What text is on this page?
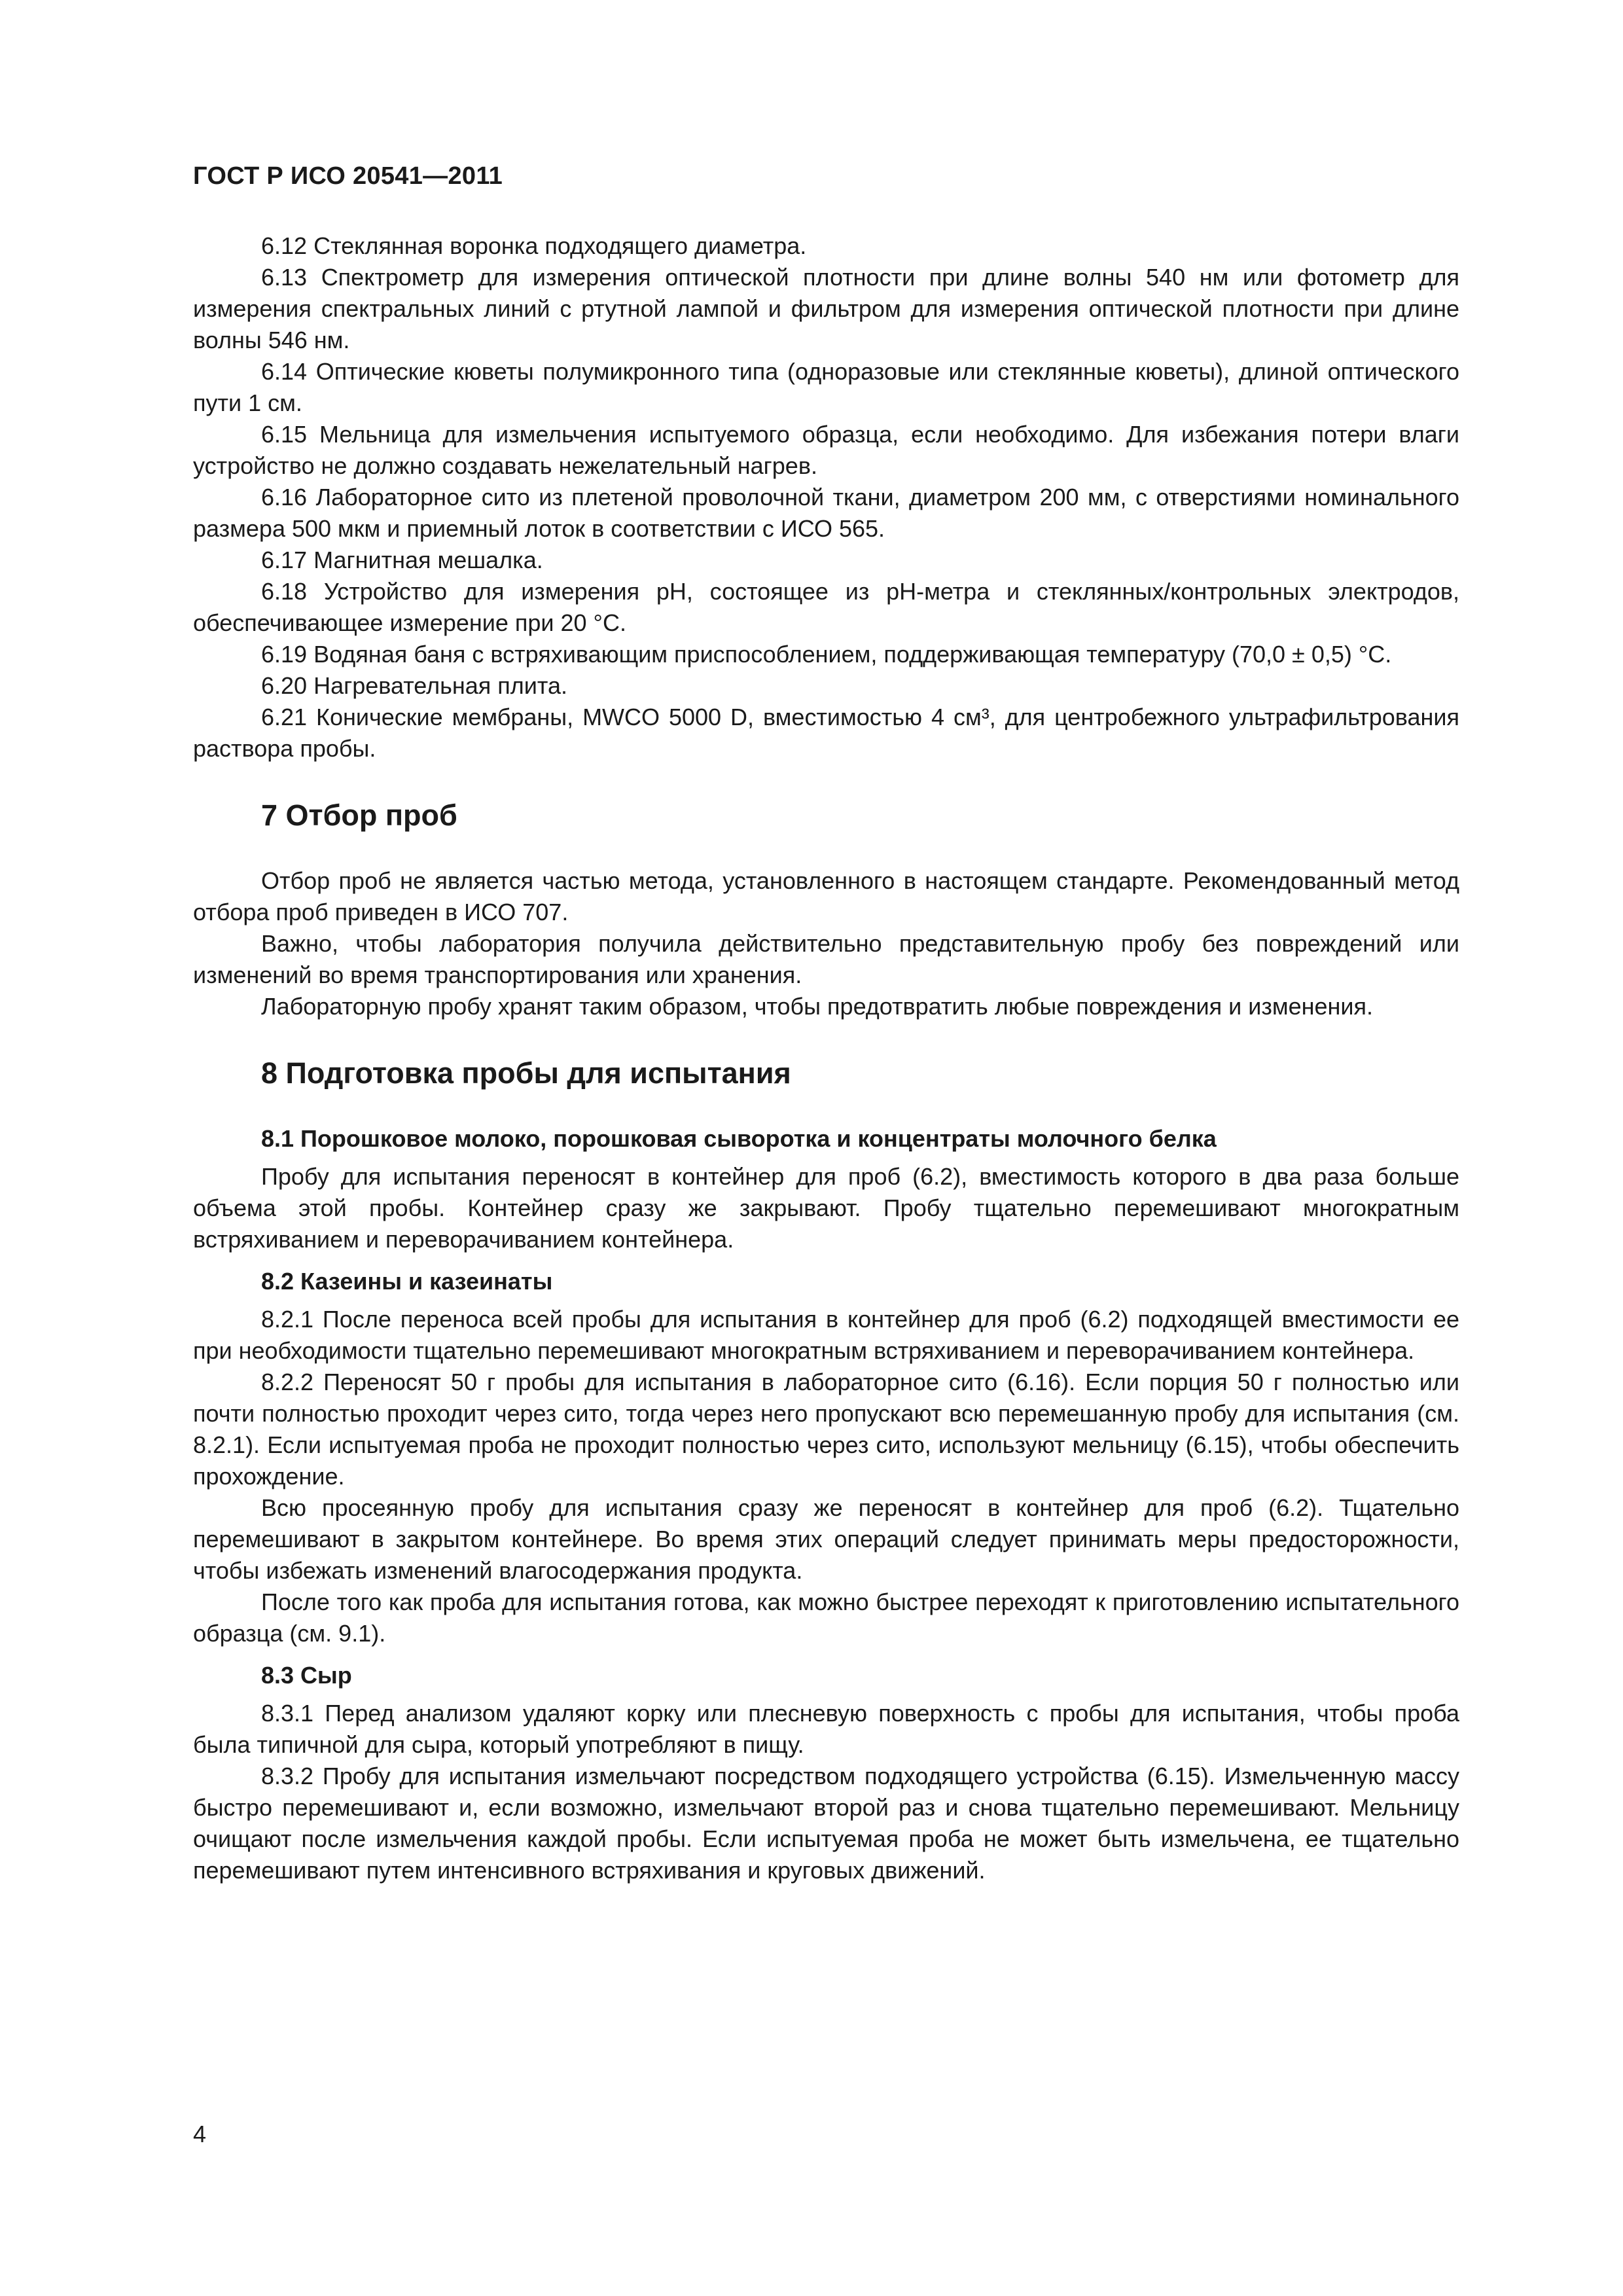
ГОСТ Р ИСО 20541—2011

6.12 Стеклянная воронка подходящего диаметра.

6.13 Спектрометр для измерения оптической плотности при длине волны 540 нм или фотометр для измерения спектральных линий с ртутной лампой и фильтром для измерения оптической плотности при длине волны 546 нм.

6.14 Оптические кюветы полумикронного типа (одноразовые или стеклянные кюветы), длиной оптического пути 1 см.

6.15 Мельница для измельчения испытуемого образца, если необходимо. Для избежания потери влаги устройство не должно создавать нежелательный нагрев.

6.16 Лабораторное сито из плетеной проволочной ткани, диаметром 200 мм, с отверстиями номинального размера 500 мкм и приемный лоток в соответствии с ИСО 565.

6.17 Магнитная мешалка.

6.18 Устройство для измерения pH, состоящее из pH-метра и стеклянных/контрольных электродов, обеспечивающее измерение при 20 °С.

6.19 Водяная баня с встряхивающим приспособлением, поддерживающая температуру (70,0 ± 0,5) °С.

6.20 Нагревательная плита.

6.21 Конические мембраны, MWCO 5000 D, вместимостью 4 см³, для центробежного ультрафильтрования раствора пробы.

7 Отбор проб

Отбор проб не является частью метода, установленного в настоящем стандарте. Рекомендованный метод отбора проб приведен в ИСО 707.

Важно, чтобы лаборатория получила действительно представительную пробу без повреждений или изменений во время транспортирования или хранения.

Лабораторную пробу хранят таким образом, чтобы предотвратить любые повреждения и изменения.

8 Подготовка пробы для испытания
8.1 Порошковое молоко, порошковая сыворотка и концентраты молочного белка

Пробу для испытания переносят в контейнер для проб (6.2), вместимость которого в два раза больше объема этой пробы. Контейнер сразу же закрывают. Пробу тщательно перемешивают многократным встряхиванием и переворачиванием контейнера.

8.2 Казеины и казеинаты

8.2.1 После переноса всей пробы для испытания в контейнер для проб (6.2) подходящей вместимости ее при необходимости тщательно перемешивают многократным встряхиванием и переворачиванием контейнера.

8.2.2 Переносят 50 г пробы для испытания в лабораторное сито (6.16). Если порция 50 г полностью или почти полностью проходит через сито, тогда через него пропускают всю перемешанную пробу для испытания (см. 8.2.1). Если испытуемая проба не проходит полностью через сито, используют мельницу (6.15), чтобы обеспечить прохождение.

Всю просеянную пробу для испытания сразу же переносят в контейнер для проб (6.2). Тщательно перемешивают в закрытом контейнере. Во время этих операций следует принимать меры предосторожности, чтобы избежать изменений влагосодержания продукта.

После того как проба для испытания готова, как можно быстрее переходят к приготовлению испытательного образца (см. 9.1).

8.3 Сыр

8.3.1 Перед анализом удаляют корку или плесневую поверхность с пробы для испытания, чтобы проба была типичной для сыра, который употребляют в пищу.

8.3.2 Пробу для испытания измельчают посредством подходящего устройства (6.15). Измельченную массу быстро перемешивают и, если возможно, измельчают второй раз и снова тщательно перемешивают. Мельницу очищают после измельчения каждой пробы. Если испытуемая проба не может быть измельчена, ее тщательно перемешивают путем интенсивного встряхивания и круговых движений.

4
